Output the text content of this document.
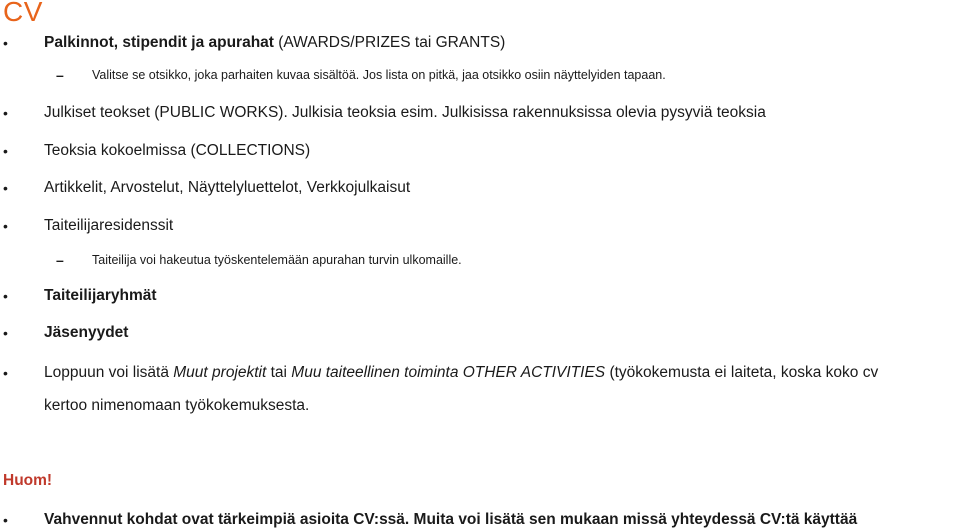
CV
• Palkinnot, stipendit ja apurahat (AWARDS/PRIZES tai GRANTS)
– Valitse se otsikko, joka parhaiten kuvaa sisältöä. Jos lista on pitkä, jaa otsikko osiin näyttelyiden tapaan.
• Julkiset teokset (PUBLIC WORKS). Julkisia teoksia esim. Julkisissa rakennuksissa olevia pysyviä teoksia
• Teoksia kokoelmissa (COLLECTIONS)
• Artikkelit, Arvostelut, Näyttelyluettelot, Verkkojulkaisut
• Taiteilijaresidenssit
– Taiteilija voi hakeutua työskentelemään apurahan turvin ulkomaille.
• Taiteilijaryhmät
• Jäsenyydet
• Loppuun voi lisätä Muut projektit tai Muu taiteellinen toiminta OTHER ACTIVITIES (työkokemusta ei laiteta, koska koko cv
kertoo nimenomaan työkokemuksesta.
Huom!
• Vahvennut kohdat ovat tärkeimpiä asioita CV:ssä. Muita voi lisätä sen mukaan missä yhteydessä CV:tä käyttää
